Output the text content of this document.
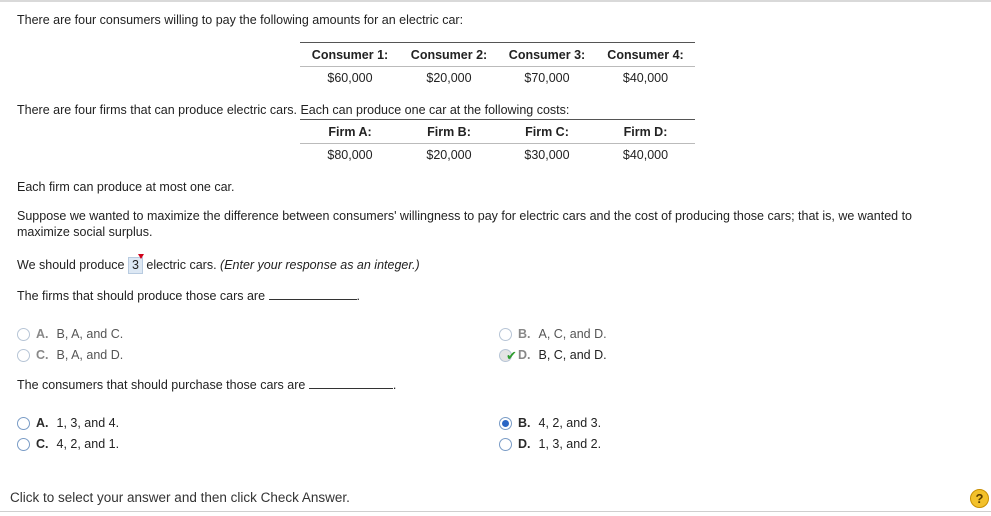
There are four consumers willing to pay the following amounts for an electric car:
Consumer 1:	Consumer 2:	Consumer 3:	Consumer 4:
$60,000	$20,000	$70,000	$40,000
There are four firms that can produce electric cars. Each can produce one car at the following costs:
Firm A:	Firm B:	Firm C:	Firm D:
$80,000	$20,000	$30,000	$40,000
Each firm can produce at most one car.
Suppose we wanted to maximize the difference between consumers' willingness to pay for electric cars and the cost of producing those cars; that is, we wanted to
maximize social surplus.
We should produce 3 electric cars. (Enter your response as an integer.)
The firms that should produce those cars are	.
A. B, A, and C.	B. A, C, and D.
C. B, A, and D.	✔ D. B, C, and D.
The consumers that should purchase those cars are	.
A. 1, 3, and 4.	B. 4, 2, and 3.
C. 4, 2, and 1.	D. 1, 3, and 2.
Click to select your answer and then click Check Answer.	?
